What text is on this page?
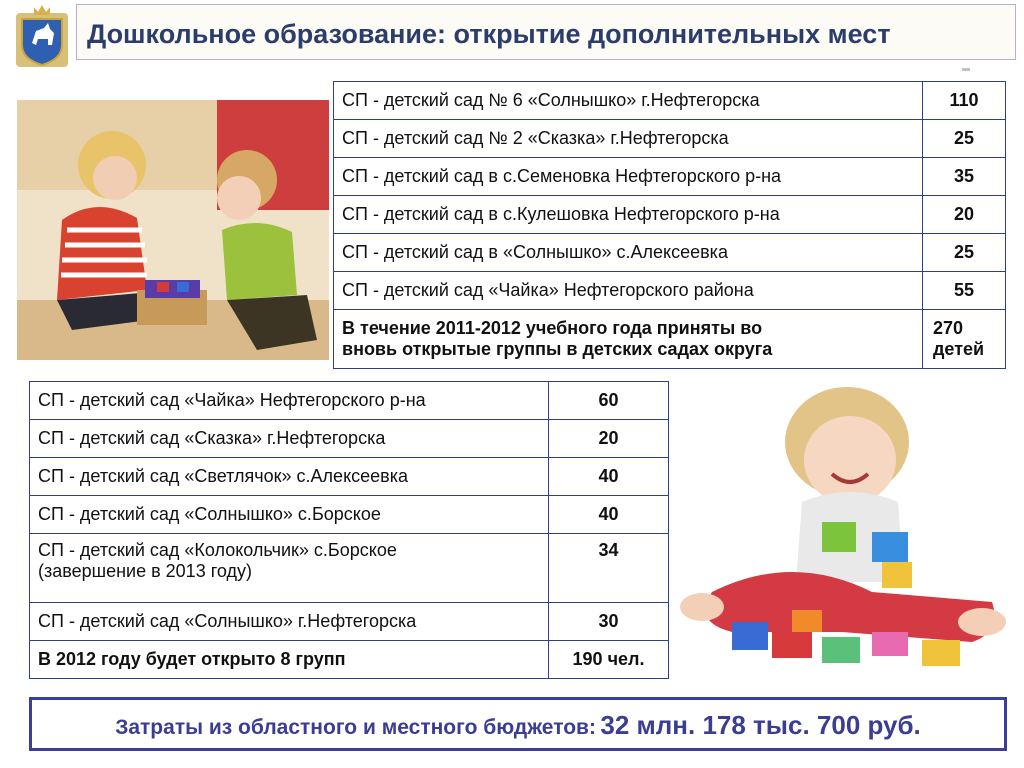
Дошкольное образование: открытие дополнительных мест
СП - детский сад № 6 «Солнышко» г.Нефтегорска	110
СП - детский сад № 2 «Сказка» г.Нефтегорска	25
СП - детский сад в с.Семеновка Нефтегорского р-на	35
СП - детский сад в с.Кулешовка Нефтегорского р-на	20
СП - детский сад в «Солнышко» с.Алексеевка	25
СП - детский сад «Чайка» Нефтегорского района	55
В течение 2011-2012 учебного года приняты во
вновь открытые группы в детских садах округа	270
детей
СП - детский сад «Чайка» Нефтегорского р-на	60
СП - детский сад «Сказка» г.Нефтегорска	20
СП - детский сад «Светлячок» с.Алексеевка	40
СП - детский сад «Солнышко» с.Борское	40
СП - детский сад «Колокольчик» с.Борское
(завершение в 2013 году)	34
СП - детский сад «Солнышко» г.Нефтегорска	30
В 2012 году будет открыто 8 групп	190 чел.
Затраты из областного и местного бюджетов: 32 млн. 178 тыс. 700 руб.
